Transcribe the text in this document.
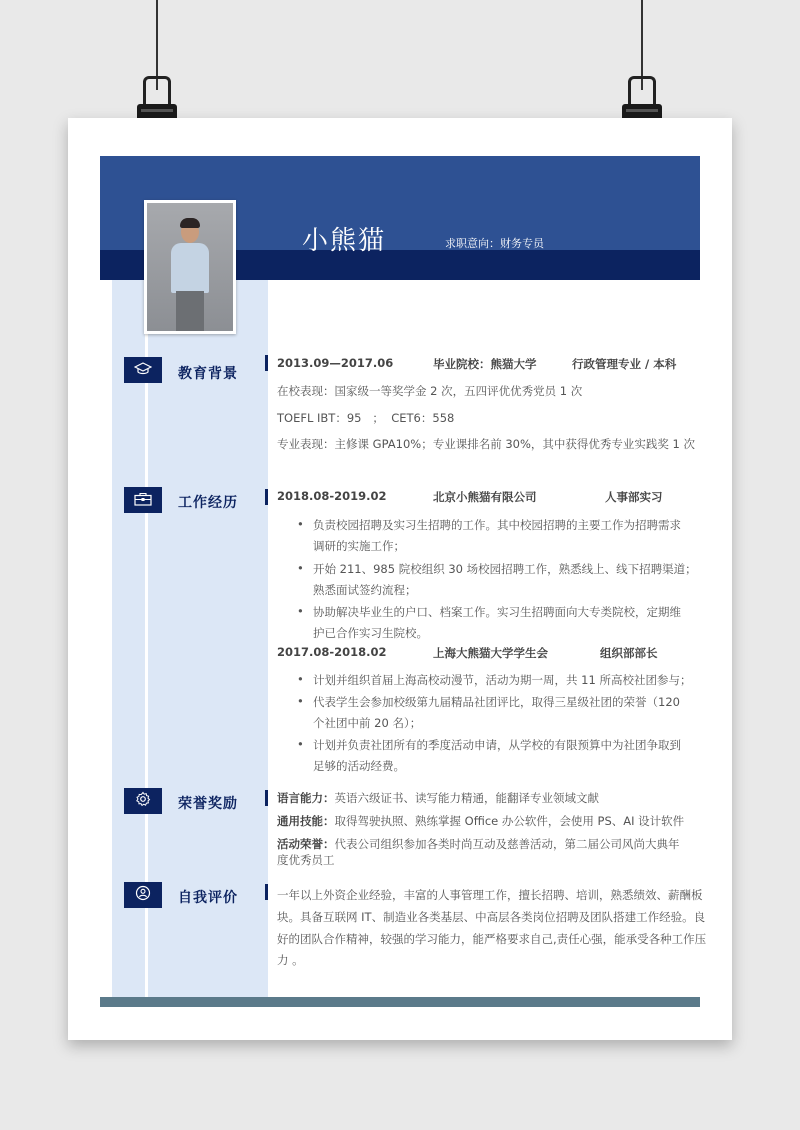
小熊猫	求职意向：财务专员
1996.05.01	+86 123 456 7890	info@tukuppt.com
教育背景
2013.09—2017.06	毕业院校：熊猫大学	行政管理专业 / 本科
在校表现：国家级一等奖学金 2 次，五四评优优秀党员 1 次
TOEFL IBT：95   ；  CET6：558
专业表现：主修课 GPA10%；专业课排名前 30%，其中获得优秀专业实践奖 1 次
工作经历	2018.08-2019.02	北京小熊猫有限公司	人事部实习
• 负责校园招聘及实习生招聘的工作。其中校园招聘的主要工作为招聘需求
调研的实施工作；
• 开始 211、985 院校组织 30 场校园招聘工作，熟悉线上、线下招聘渠道；
熟悉面试签约流程；
• 协助解决毕业生的户口、档案工作。实习生招聘面向大专类院校，定期维
护已合作实习生院校。
2017.08-2018.02	上海大熊猫大学学生会	组织部部长
• 计划并组织首届上海高校动漫节，活动为期一周，共 11 所高校社团参与；
• 代表学生会参加校级第九届精品社团评比，取得三星级社团的荣誉（120
个社团中前 20 名）；
• 计划并负责社团所有的季度活动申请，从学校的有限预算中为社团争取到
足够的活动经费。
荣誉奖励	语言能力：英语六级证书、读写能力精通，能翻译专业领域文献
通用技能：取得驾驶执照、熟练掌握 Office 办公软件，会使用 PS、AI 设计软件
活动荣誉：代表公司组织参加各类时尚互动及慈善活动，第二届公司风尚大典年
度优秀员工
自我评价	一年以上外资企业经验，丰富的人事管理工作，擅长招聘、培训，熟悉绩效、薪酬板
块。具备互联网 IT、制造业各类基层、中高层各类岗位招聘及团队搭建工作经验。良
好的团队合作精神，较强的学习能力，能严格要求自己,责任心强，能承受各种工作压
力 。
